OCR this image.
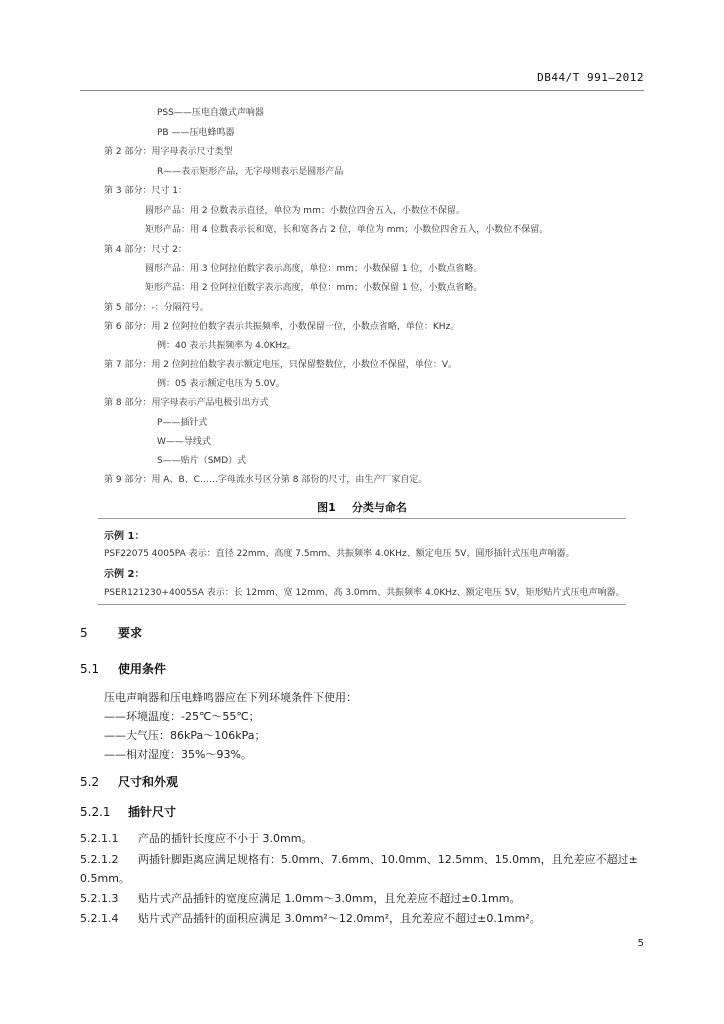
DB44/T 991—2012
PSS——压电自激式声响器
PB ——压电蜂鸣器
第 2 部分：用字母表示尺寸类型
R——表示矩形产品，无字母则表示是圆形产品
第 3 部分：尺寸 1：
圆形产品：用 2 位数表示直径，单位为 mm；小数位四舍五入，小数位不保留。
矩形产品：用 4 位数表示长和宽，长和宽各占 2 位，单位为 mm；小数位四舍五入，小数位不保留。
第 4 部分：尺寸 2：
圆形产品：用 3 位阿拉伯数字表示高度，单位：mm；小数保留 1 位，小数点省略。
矩形产品：用 2 位阿拉伯数字表示高度，单位：mm；小数保留 1 位，小数点省略。
第 5 部分：-：分隔符号。
第 6 部分：用 2 位阿拉伯数字表示共振频率，小数保留一位，小数点省略，单位：KHz。
例：40 表示共振频率为 4.0KHz。
第 7 部分：用 2 位阿拉伯数字表示额定电压，只保留整数位，小数位不保留，单位：V。
例：05 表示额定电压为 5.0V。
第 8 部分：用字母表示产品电极引出方式
P——插针式
W——导线式
S——贴片（SMD）式
第 9 部分：用 A、B、C……字母流水号区分第 8 部份的尺寸，由生产厂家自定。
图1 分类与命名
示例 1：
PSF22075 4005PA 表示：直径 22mm、高度 7.5mm、共振频率 4.0KHz、额定电压 5V，圆形插针式压电声响器。
示例 2：
PSER121230+4005SA 表示：长 12mm、宽 12mm、高 3.0mm、共振频率 4.0KHz、额定电压 5V，矩形贴片式压电声响器。
5	要求
5.1 使用条件
压电声响器和压电蜂鸣器应在下列环境条件下使用：
——环境温度：-25℃～55℃；
——大气压：86kPa～106kPa；
——相对湿度：35%～93%。
5.2 尺寸和外观
5.2.1 插针尺寸
5.2.1.1 产品的插针长度应不小于 3.0mm。
5.2.1.2 两插针脚距离应满足规格有：5.0mm、7.6mm、10.0mm、12.5mm、15.0mm，且允差应不超过±
0.5mm。
5.2.1.3 贴片式产品插针的宽度应满足 1.0mm～3.0mm，且允差应不超过±0.1mm。
5.2.1.4 贴片式产品插针的面积应满足 3.0mm²～12.0mm²，且允差应不超过±0.1mm²。
5
